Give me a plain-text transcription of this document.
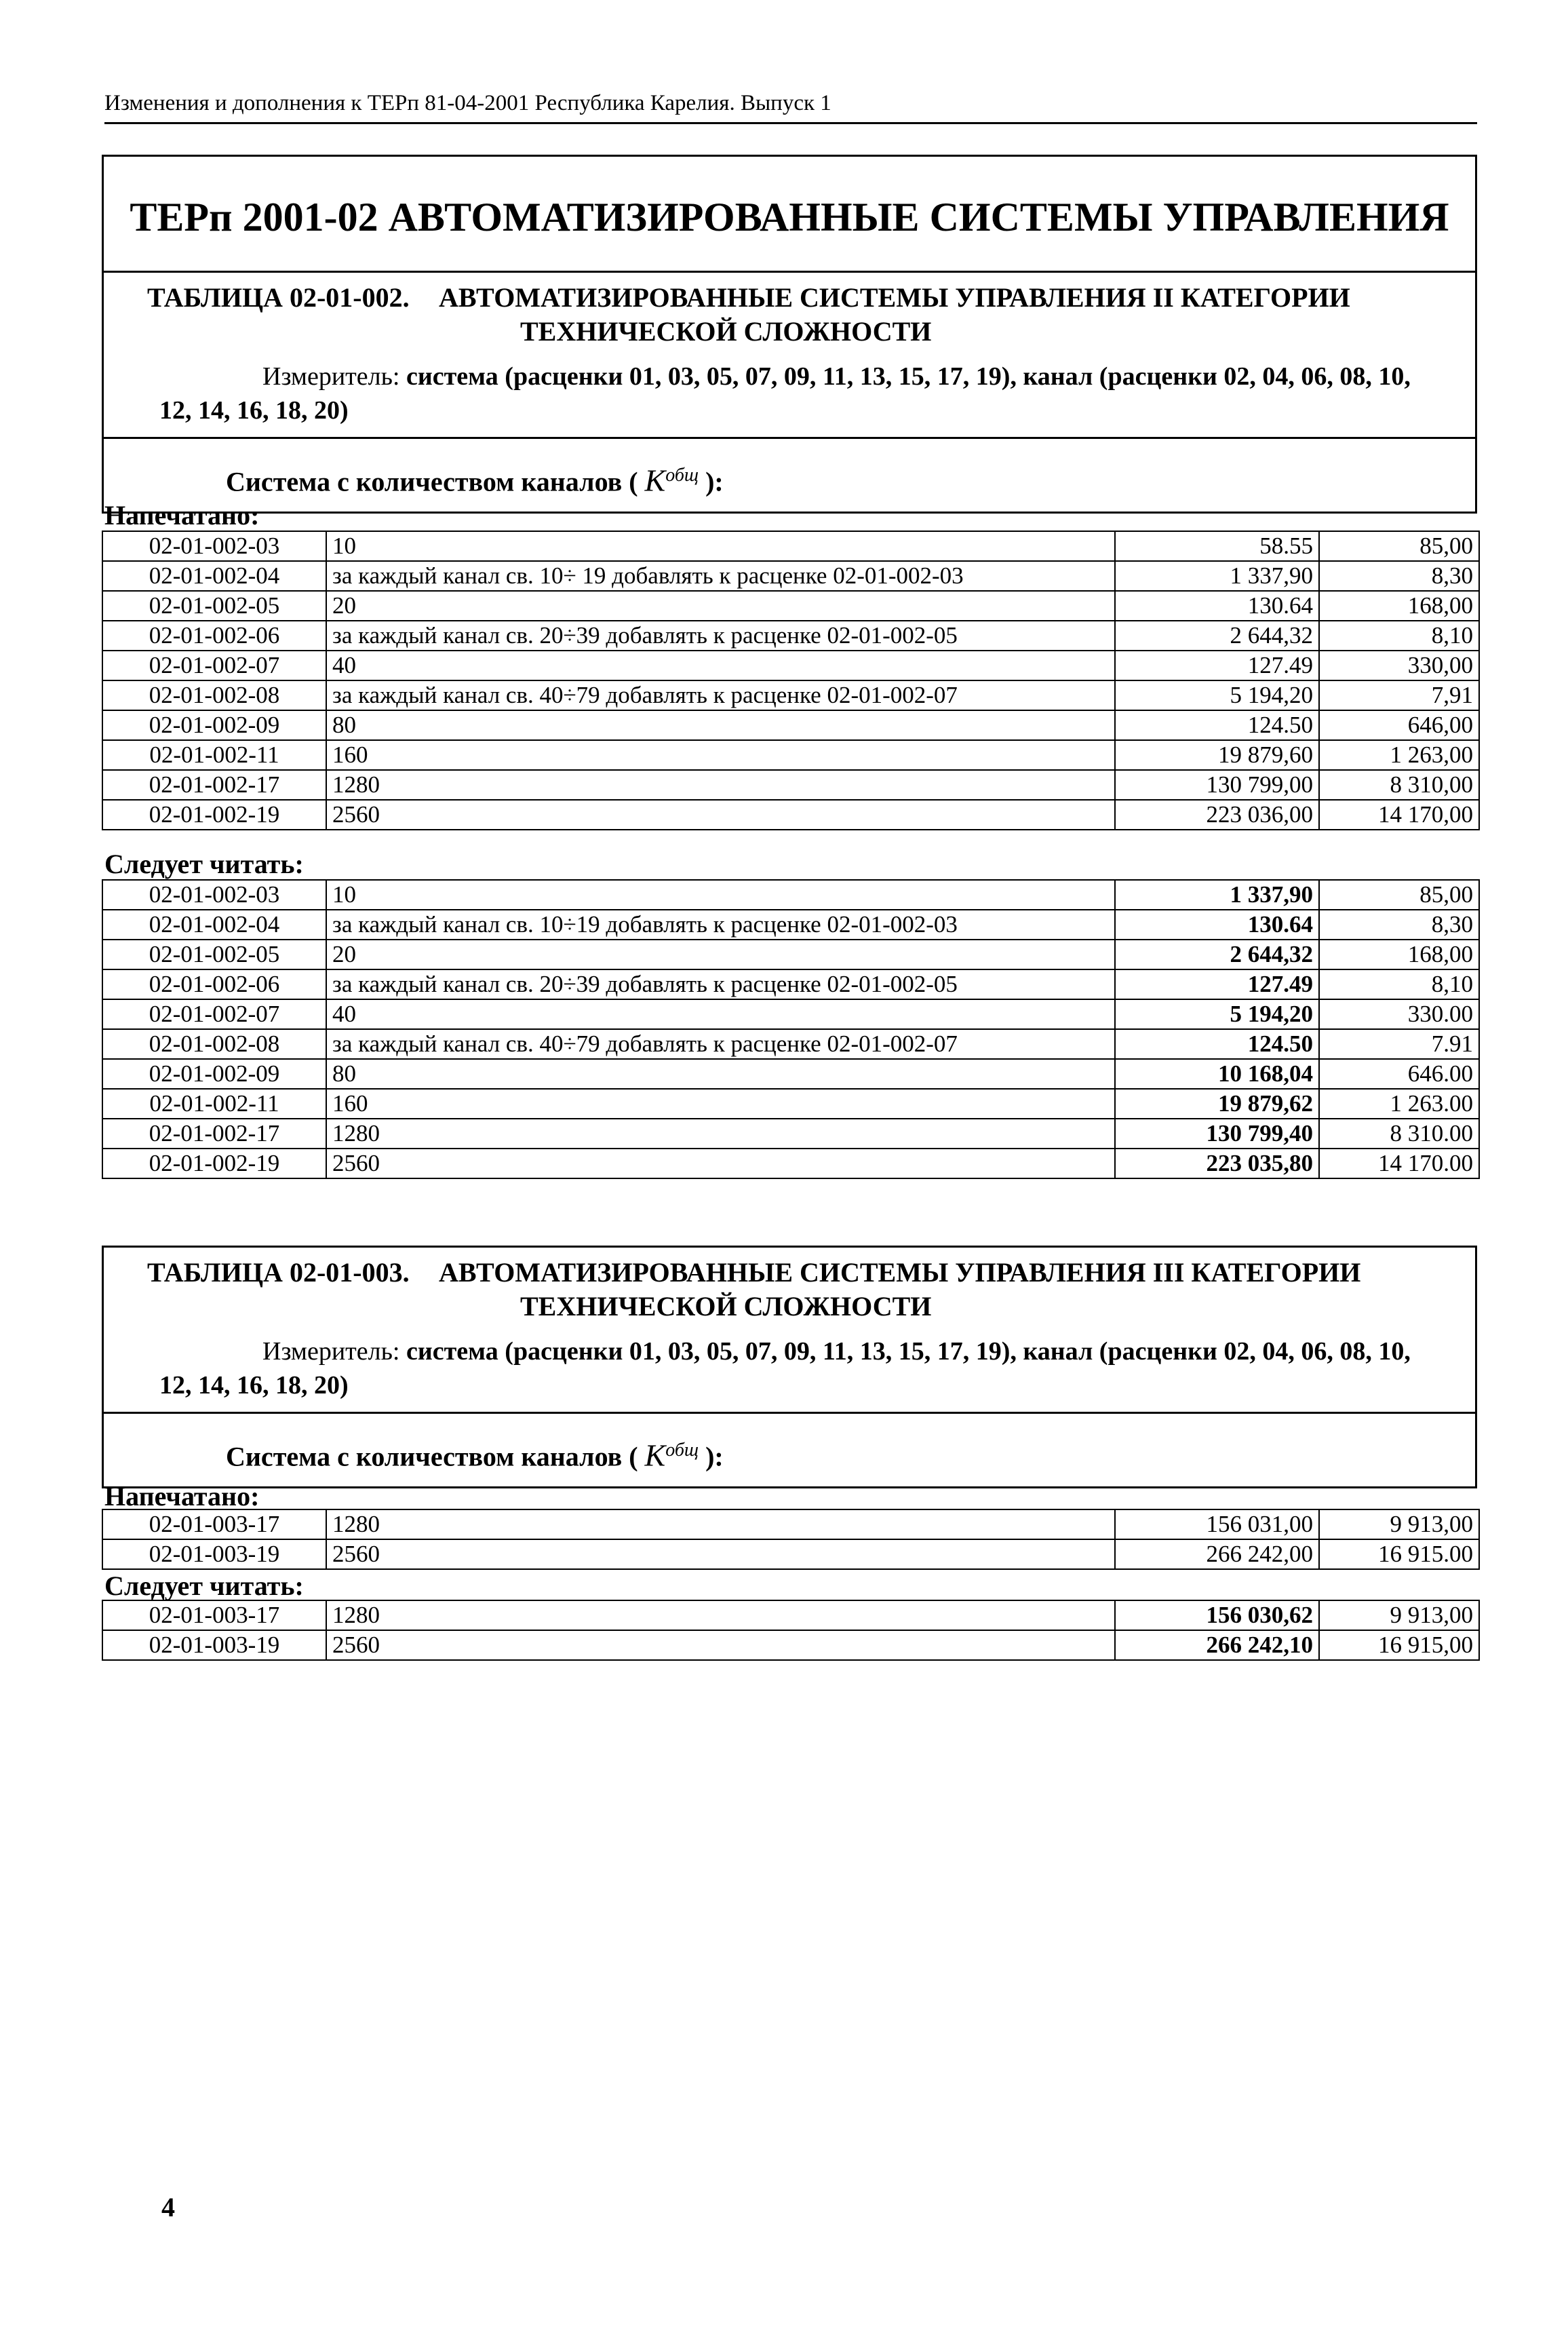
Изменения и дополнения к ТЕРп 81-04-2001 Республика Карелия. Выпуск 1
ТЕРп 2001-02 АВТОМАТИЗИРОВАННЫЕ СИСТЕМЫ УПРАВЛЕНИЯ
ТАБЛИЦА 02-01-002. АВТОМАТИЗИРОВАННЫЕ СИСТЕМЫ УПРАВЛЕНИЯ II КАТЕГОРИИ
ТЕХНИЧЕСКОЙ СЛОЖНОСТИ
Измеритель: система (расценки 01, 03, 05, 07, 09, 11, 13, 15, 17, 19), канал (расценки 02, 04, 06, 08, 10,
12, 14, 16, 18, 20)
Система с количеством каналов ( $K^{общ}$ ):
Напечатано:
02-01-002-03	10	58.55	85,00
02-01-002-04	за каждый канал св. 10÷ 19 добавлять к расценке 02-01-002-03	1 337,90	8,30
02-01-002-05	20	130.64	168,00
02-01-002-06	за каждый канал св. 20÷39 добавлять к расценке 02-01-002-05	2 644,32	8,10
02-01-002-07	40	127.49	330,00
02-01-002-08	за каждый канал св. 40÷79 добавлять к расценке 02-01-002-07	5 194,20	7,91
02-01-002-09	80	124.50	646,00
02-01-002-11	160	19 879,60	1 263,00
02-01-002-17	1280	130 799,00	8 310,00
02-01-002-19	2560	223 036,00	14 170,00
Следует читать:
02-01-002-03	10	1 337,90	85,00
02-01-002-04	за каждый канал св. 10÷19 добавлять к расценке 02-01-002-03	130.64	8,30
02-01-002-05	20	2 644,32	168,00
02-01-002-06	за каждый канал св. 20÷39 добавлять к расценке 02-01-002-05	127.49	8,10
02-01-002-07	40	5 194,20	330.00
02-01-002-08	за каждый канал св. 40÷79 добавлять к расценке 02-01-002-07	124.50	7.91
02-01-002-09	80	10 168,04	646.00
02-01-002-11	160	19 879,62	1 263.00
02-01-002-17	1280	130 799,40	8 310.00
02-01-002-19	2560	223 035,80	14 170.00
ТАБЛИЦА 02-01-003. АВТОМАТИЗИРОВАННЫЕ СИСТЕМЫ УПРАВЛЕНИЯ III КАТЕГОРИИ
ТЕХНИЧЕСКОЙ СЛОЖНОСТИ
Измеритель: система (расценки 01, 03, 05, 07, 09, 11, 13, 15, 17, 19), канал (расценки 02, 04, 06, 08, 10,
12, 14, 16, 18, 20)
Система с количеством каналов ( $K^{общ}$ ):
Напечатано:
02-01-003-17	1280	156 031,00	9 913,00
02-01-003-19	2560	266 242,00	16 915.00
Следует читать:
02-01-003-17	1280	156 030,62	9 913,00
02-01-003-19	2560	266 242,10	16 915,00
4
